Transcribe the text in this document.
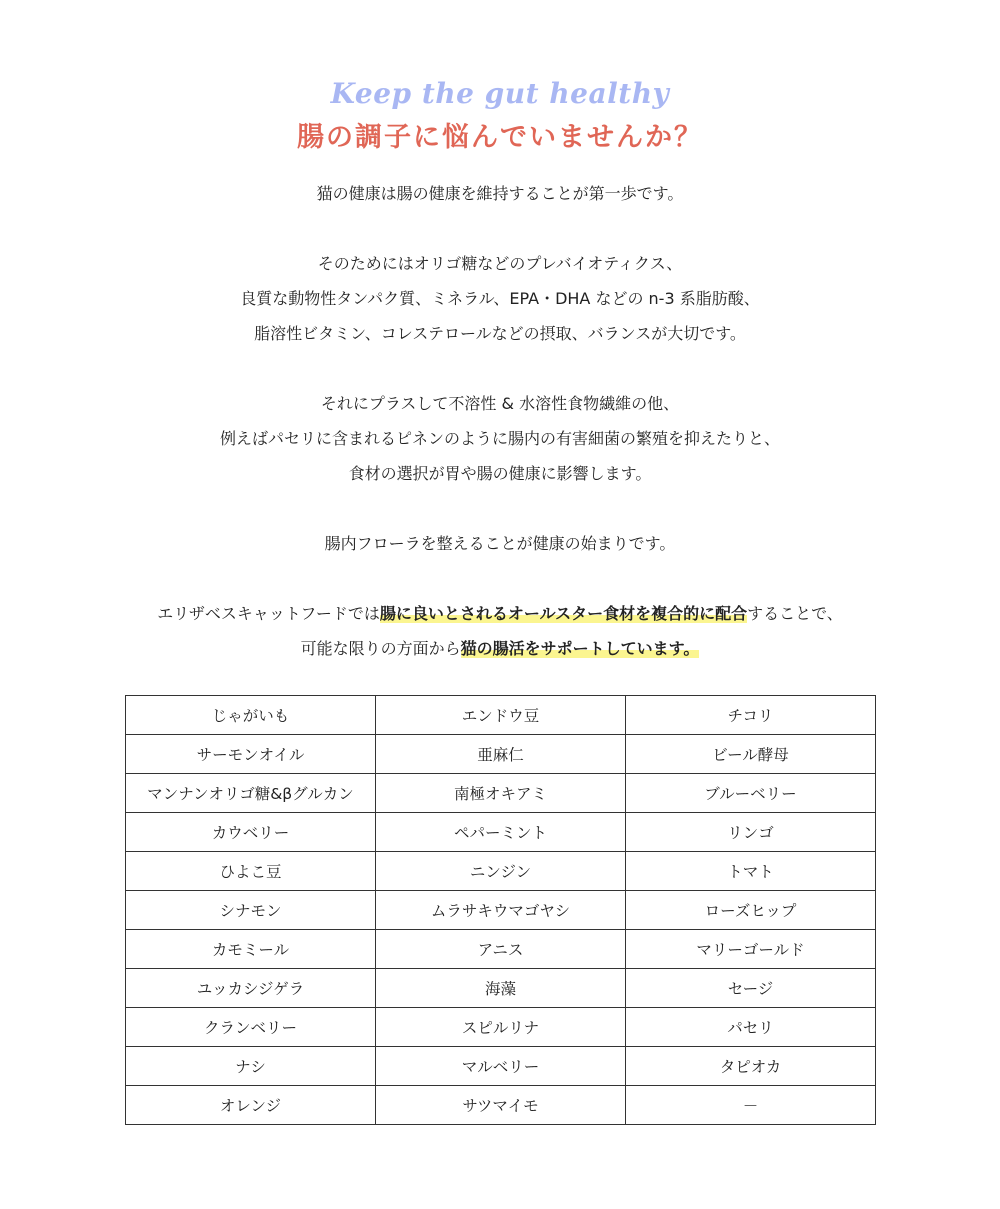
Keep the gut healthy
腸の調子に悩んでいませんか？

猫の健康は腸の健康を維持することが第一歩です。

そのためにはオリゴ糖などのプレバイオティクス、

良質な動物性タンパク質、ミネラル、EPA・DHA などの n-3 系脂肪酸、

脂溶性ビタミン、コレステロールなどの摂取、バランスが大切です。

それにプラスして不溶性 & 水溶性食物繊維の他、

例えばパセリに含まれるピネンのように腸内の有害細菌の繁殖を抑えたりと、

食材の選択が胃や腸の健康に影響します。

腸内フローラを整えることが健康の始まりです。

エリザベスキャットフードでは腸に良いとされるオールスター食材を複合的に配合することで、

可能な限りの方面から猫の腸活をサポートしています。

じゃがいも	エンドウ豆	チコリ
サーモンオイル	亜麻仁	ビール酵母
マンナンオリゴ糖&βグルカン	南極オキアミ	ブルーベリー
カウベリー	ペパーミント	リンゴ
ひよこ豆	ニンジン	トマト
シナモン	ムラサキウマゴヤシ	ローズヒップ
カモミール	アニス	マリーゴールド
ユッカシジゲラ	海藻	セージ
クランベリー	スピルリナ	パセリ
ナシ	マルベリー	タピオカ
オレンジ	サツマイモ	－
